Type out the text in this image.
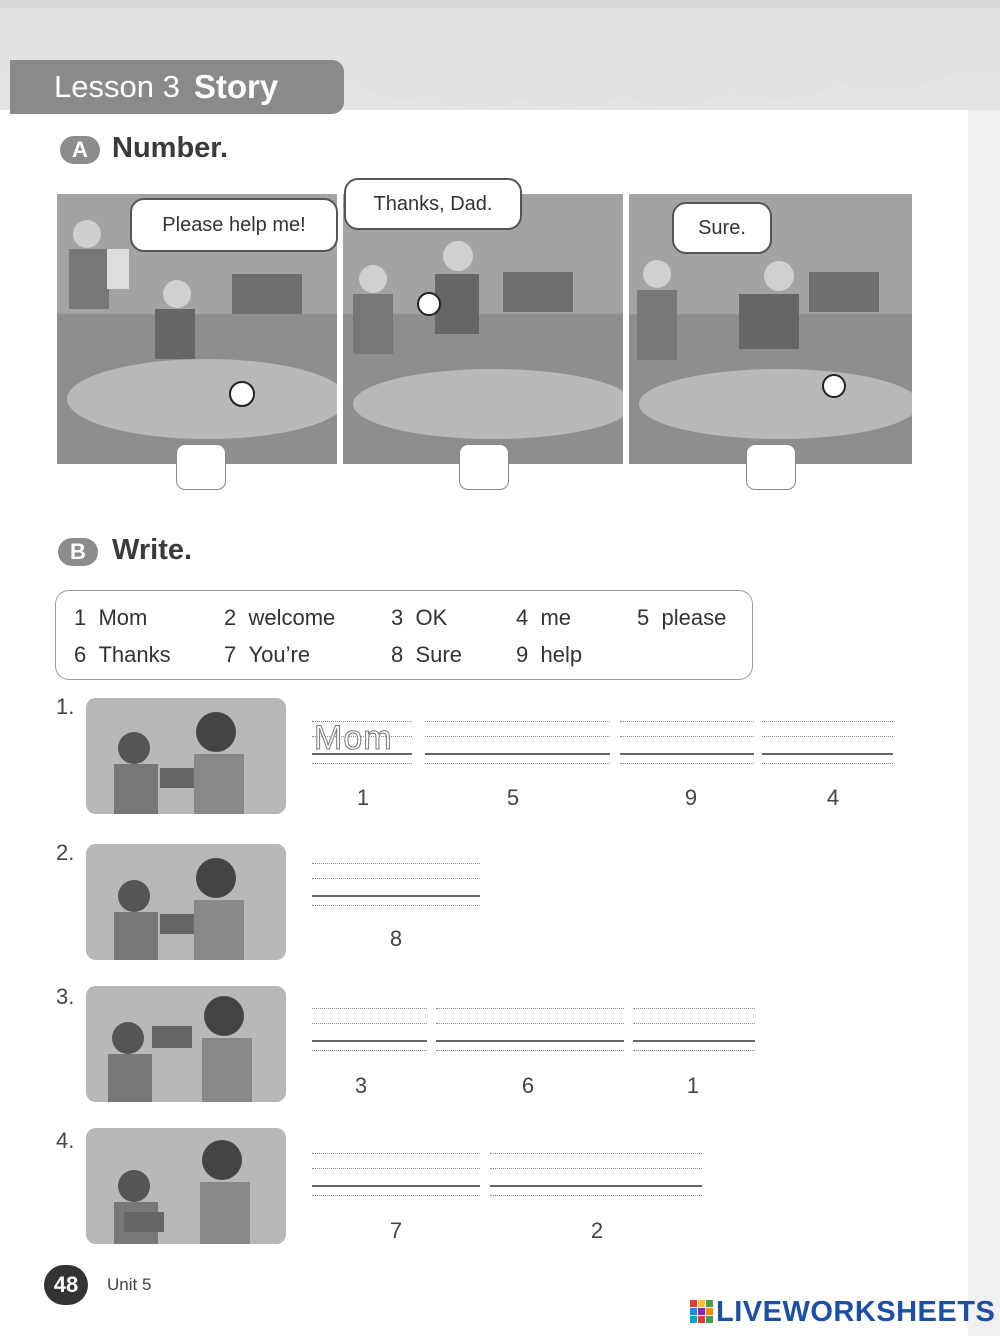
Lesson 3 Story
A Number.
Please help me!
Thanks, Dad.
Sure.
B Write.
1 Mom	2 welcome	3 OK	4 me	5 please
6 Thanks 7 You’re	8 Sure 9 help
1.
Mom
1	5	9	4
2.
8
3.
3	6	1
4.
7	2
48	Unit 5
LIVEWORKSHEETS
